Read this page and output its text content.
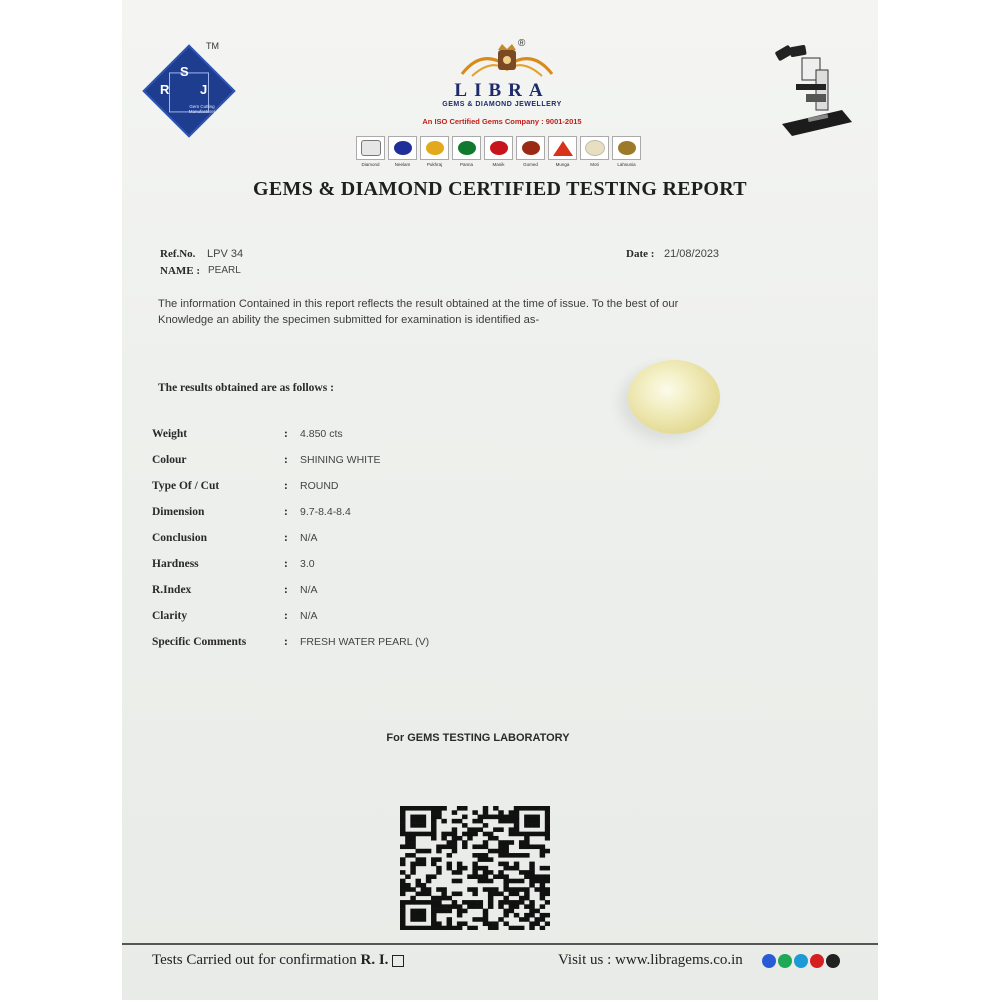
S
R J
TM
Gem Cutting Manufacturer
®
LIBRA
GEMS & DIAMOND JEWELLERY
An ISO Certified Gems Company : 9001-2015
Diamond	Neelam	Pukhraj	Panna	Manik	Gomed	Munga	Moti	Lahsunia
GEMS & DIAMOND CERTIFIED TESTING REPORT
Ref.No. LPV 34
NAME : PEARL
Date : 21/08/2023
The information Contained in this report reflects the result obtained at the time of issue. To the best of our
Knowledge an ability the specimen submitted for examination is identified as-
The results obtained are as follows :
Weight	: 4.850 cts
Colour	: SHINING WHITE
Type Of / Cut	: ROUND
Dimension	: 9.7-8.4-8.4
Conclusion	: N/A
Hardness	: 3.0
R.Index	: N/A
Clarity	: N/A
Specific Comments	: FRESH WATER PEARL (V)
For GEMS TESTING LABORATORY
Tests Carried out for confirmation R. I.	Visit us : www.libragems.co.in
